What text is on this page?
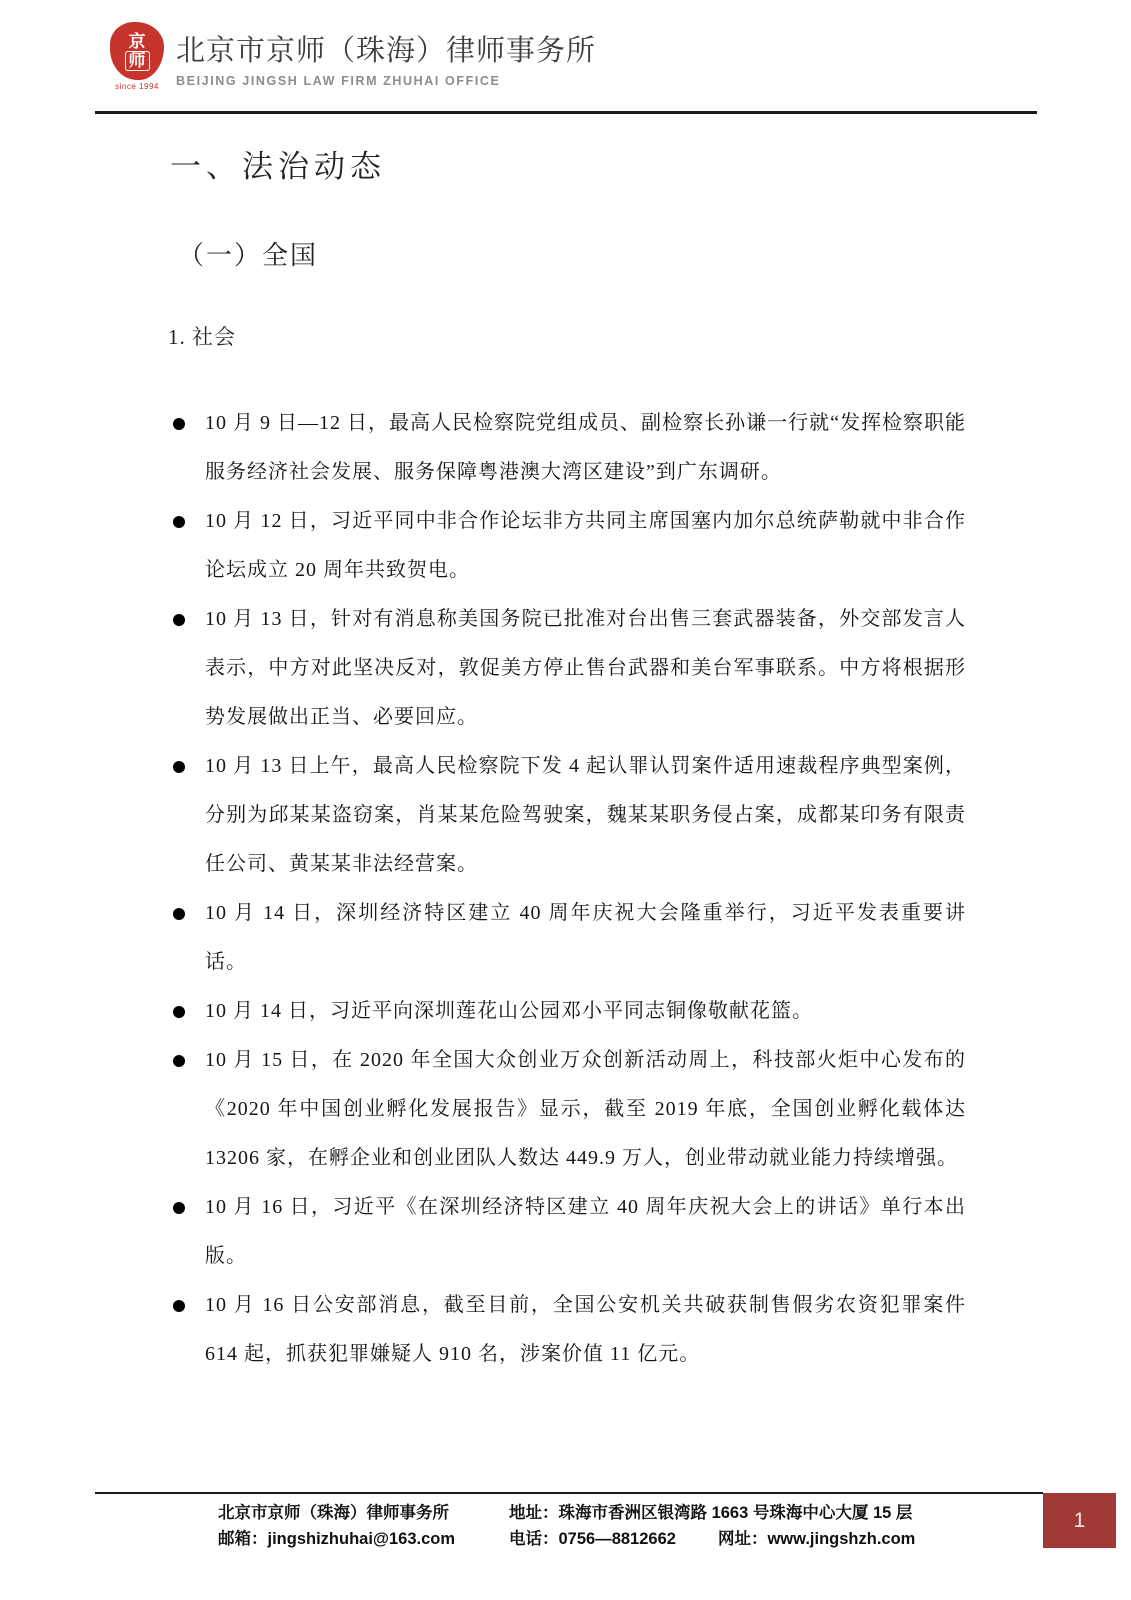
京
师
since 1994
北京市京师（珠海）律师事务所
BEIJING JINGSH LAW FIRM ZHUHAI OFFICE
一、法治动态
（一）全国
1. 社会
10 月 9 日—12 日，最高人民检察院党组成员、副检察长孙谦一行就“发挥检察职能服务经济社会发展、服务保障粤港澳大湾区建设”到广东调研。
10 月 12 日，习近平同中非合作论坛非方共同主席国塞内加尔总统萨勒就中非合作论坛成立 20 周年共致贺电。
10 月 13 日，针对有消息称美国务院已批准对台出售三套武器装备，外交部发言人表示，中方对此坚决反对，敦促美方停止售台武器和美台军事联系。中方将根据形势发展做出正当、必要回应。
10 月 13 日上午，最高人民检察院下发 4 起认罪认罚案件适用速裁程序典型案例，分别为邱某某盗窃案，肖某某危险驾驶案，魏某某职务侵占案，成都某印务有限责任公司、黄某某非法经营案。
10 月 14 日，深圳经济特区建立 40 周年庆祝大会隆重举行，习近平发表重要讲话。
10 月 14 日，习近平向深圳莲花山公园邓小平同志铜像敬献花篮。
10 月 15 日，在 2020 年全国大众创业万众创新活动周上，科技部火炬中心发布的《2020 年中国创业孵化发展报告》显示，截至 2019 年底，全国创业孵化载体达 13206 家，在孵企业和创业团队人数达 449.9 万人，创业带动就业能力持续增强。
10 月 16 日，习近平《在深圳经济特区建立 40 周年庆祝大会上的讲话》单行本出版。
10 月 16 日公安部消息，截至目前，全国公安机关共破获制售假劣农资犯罪案件 614 起，抓获犯罪嫌疑人 910 名，涉案价值 11 亿元。
北京市京师（珠海）律师事务所
邮箱：jingshizhuhai@163.com
地址：珠海市香洲区银湾路 1663 号珠海中心大厦 15 层
电话：0756—8812662	网址：www.jingshzh.com
1
